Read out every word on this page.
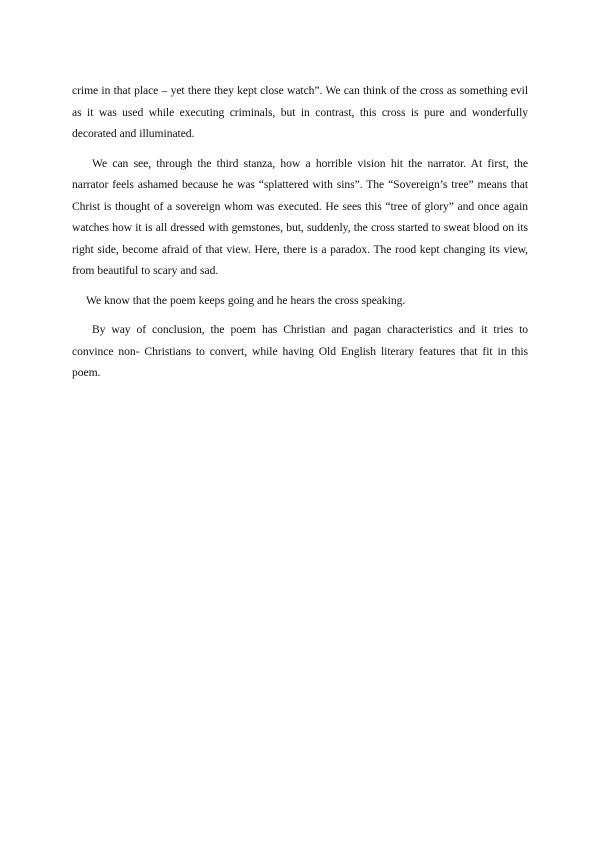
crime in that place – yet there they kept close watch”. We can think of the cross as something evil as it was used while executing criminals, but in contrast, this cross is pure and wonderfully decorated and illuminated.

We can see, through the third stanza, how a horrible vision hit the narrator. At first, the narrator feels ashamed because he was “splattered with sins”. The “Sovereign’s tree” means that Christ is thought of a sovereign whom was executed. He sees this “tree of glory” and once again watches how it is all dressed with gemstones, but, suddenly, the cross started to sweat blood on its right side, become afraid of that view. Here, there is a paradox. The rood kept changing its view, from beautiful to scary and sad.

We know that the poem keeps going and he hears the cross speaking.

By way of conclusion, the poem has Christian and pagan characteristics and it tries to convince non- Christians to convert, while having Old English literary features that fit in this poem.
